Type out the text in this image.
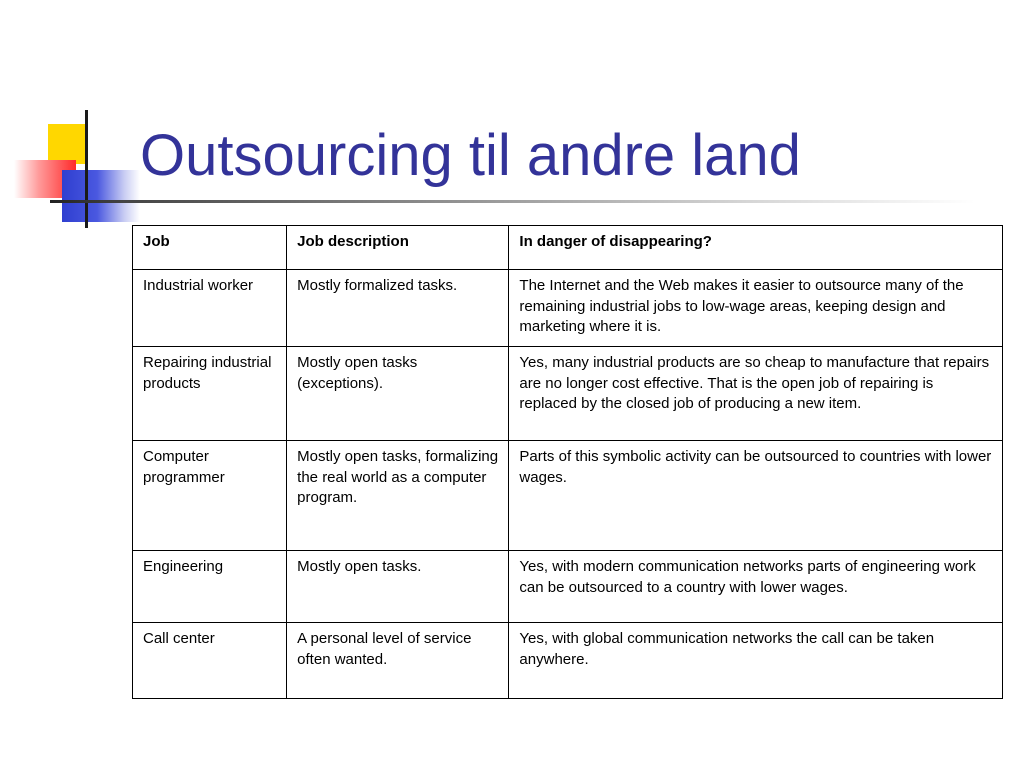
Outsourcing til andre land
Job	Job description	In danger of disappearing?
Industrial worker	Mostly formalized tasks.	The Internet and the Web makes it easier to outsource many of the remaining industrial jobs to low-wage areas, keeping design and marketing where it is.
Repairing industrial products	Mostly open tasks (exceptions).	Yes, many industrial products are so cheap to manufacture that repairs are no longer cost effective. That is the open job of repairing is replaced by the closed job of producing a new item.
Computer programmer	Mostly open tasks, formalizing the real world as a computer program.	Parts of this symbolic activity can be outsourced to countries with lower wages.
Engineering	Mostly open tasks.	Yes, with modern communication networks parts of engineering work can be outsourced to a country with lower wages.
Call center	A personal level of service often wanted.	Yes, with global communication networks the call can be taken anywhere.
